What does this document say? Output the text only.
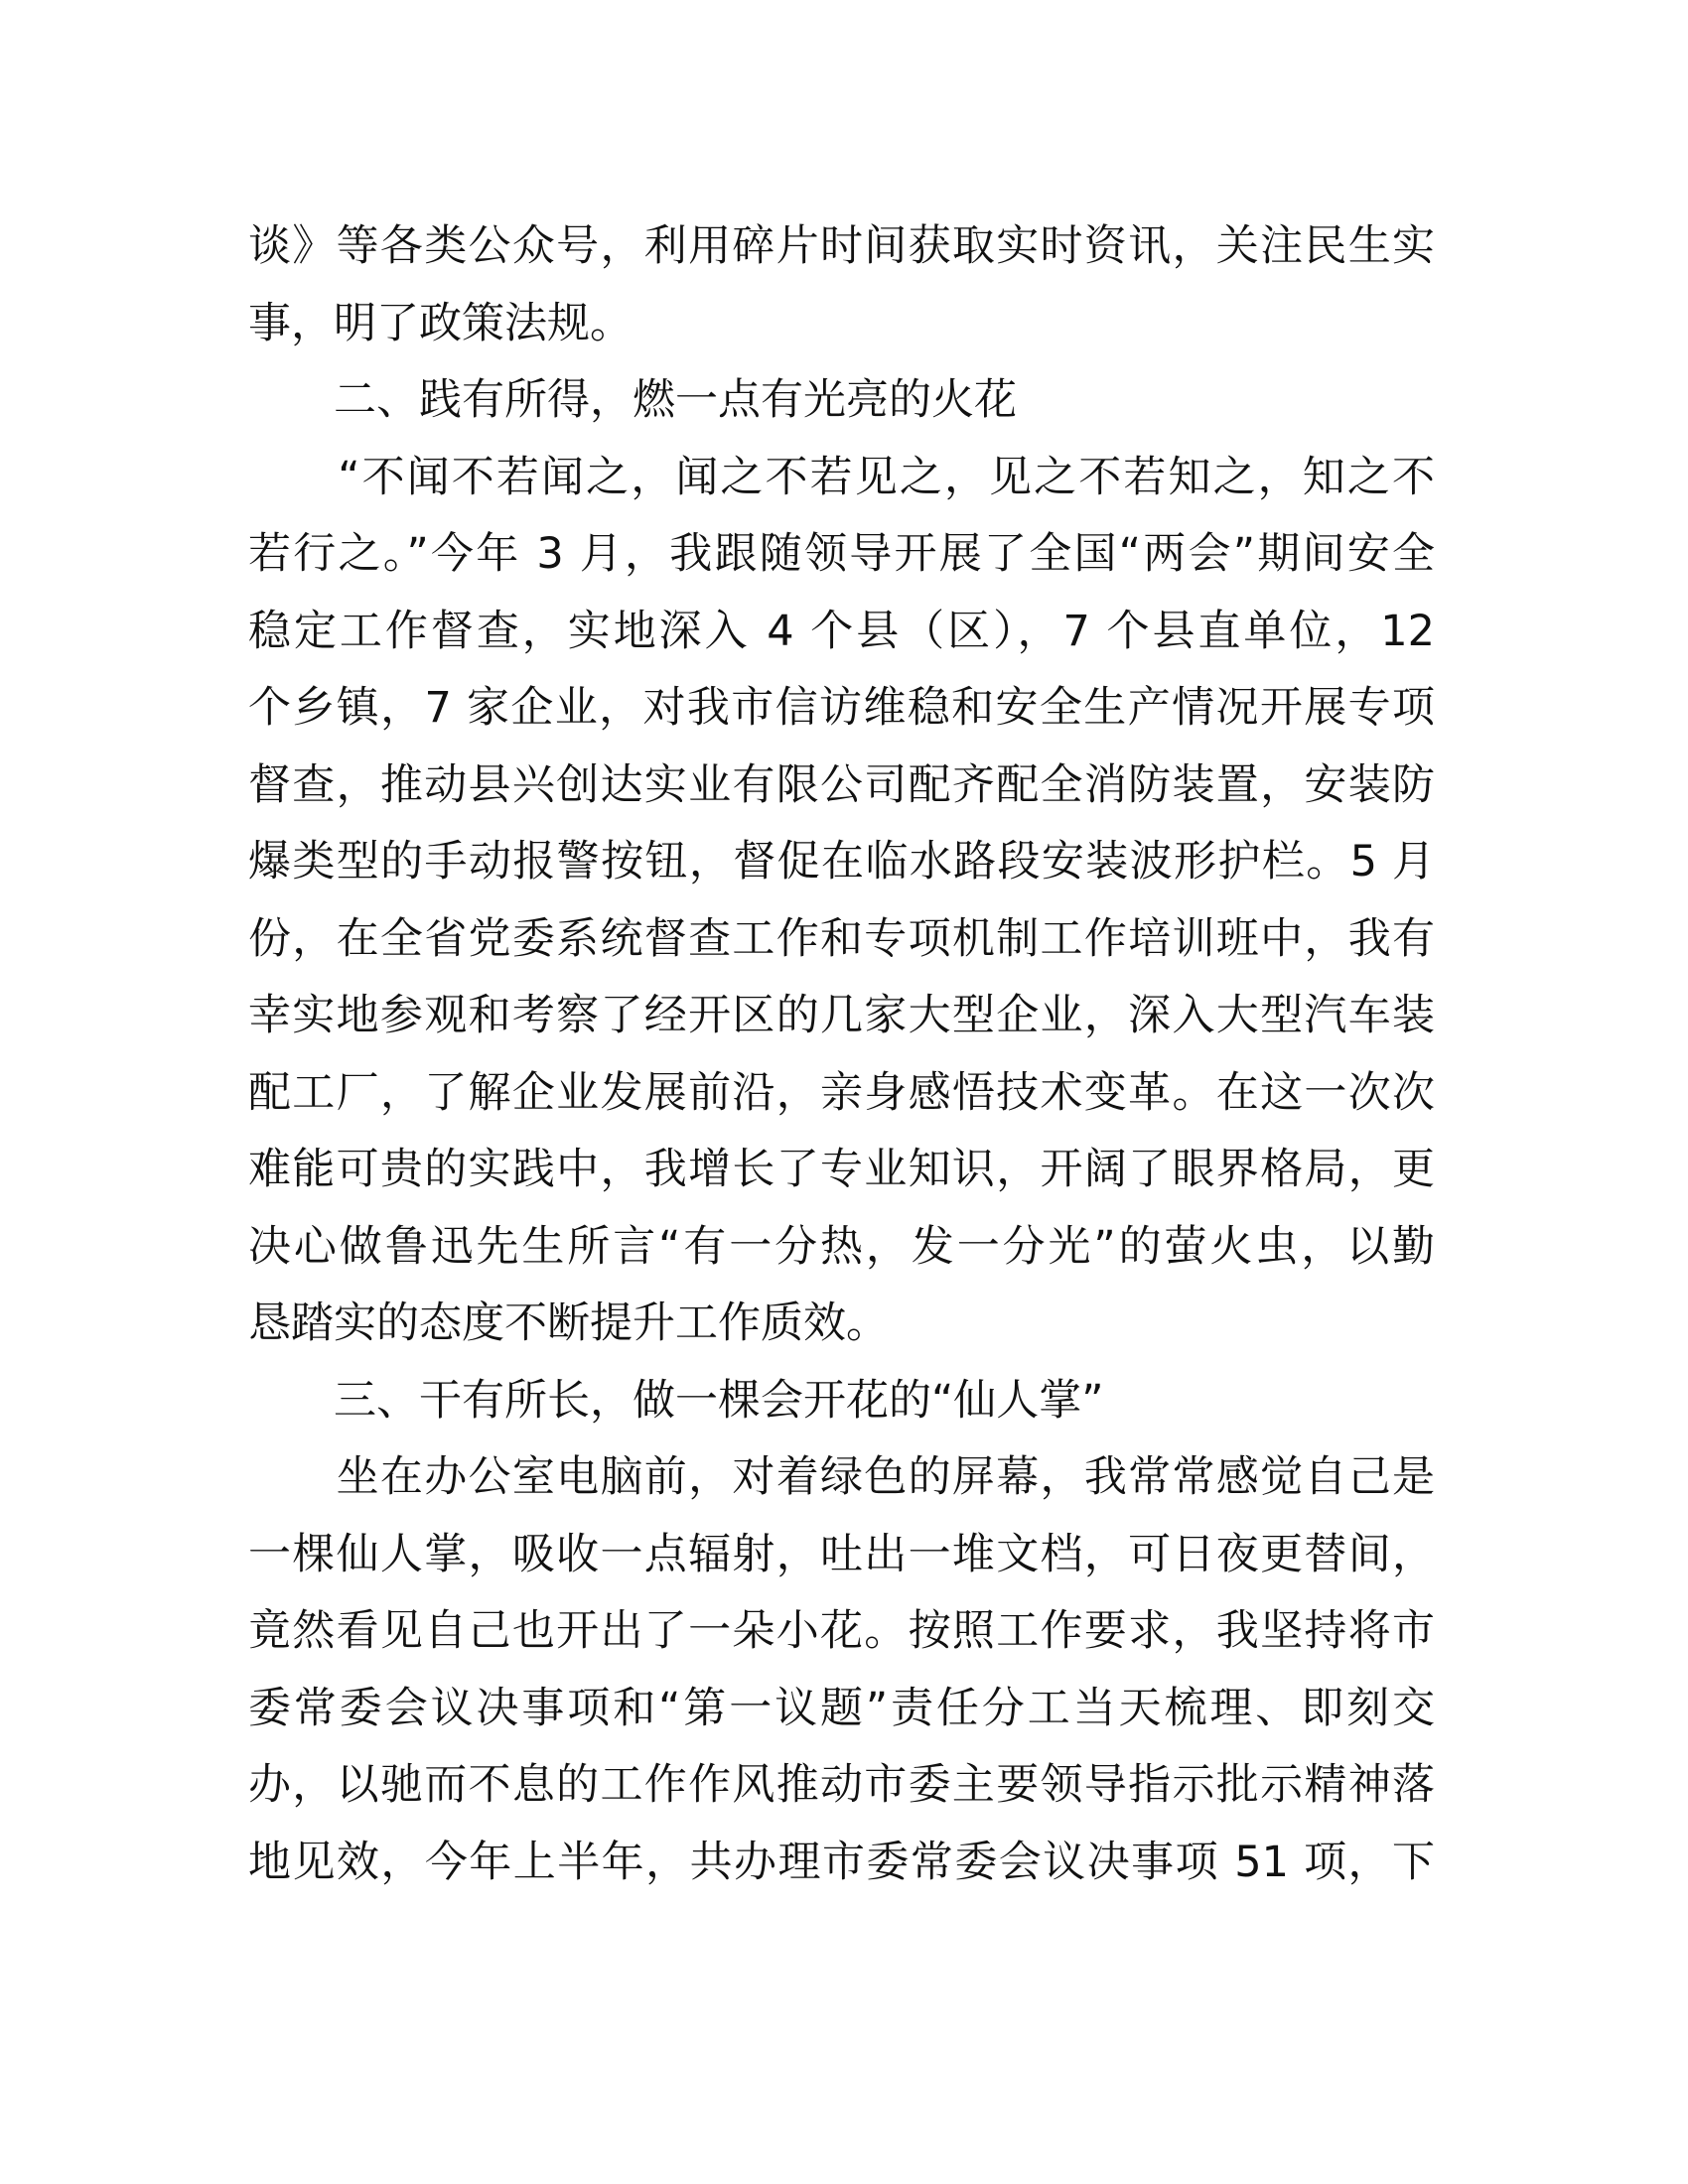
谈》等各类公众号，利用碎片时间获取实时资讯，关注民生实
事，明了政策法规。

二、践有所得，燃一点有光亮的火花

　　“不闻不若闻之，闻之不若见之，见之不若知之，知之不
若行之。”今年 3 月，我跟随领导开展了全国“两会”期间安全
稳定工作督查，实地深入 4 个县（区），7 个县直单位，12
个乡镇，7 家企业，对我市信访维稳和安全生产情况开展专项
督查，推动县兴创达实业有限公司配齐配全消防装置，安装防
爆类型的手动报警按钮，督促在临水路段安装波形护栏。5 月
份，在全省党委系统督查工作和专项机制工作培训班中，我有
幸实地参观和考察了经开区的几家大型企业，深入大型汽车装
配工厂，了解企业发展前沿，亲身感悟技术变革。在这一次次
难能可贵的实践中，我增长了专业知识，开阔了眼界格局，更
决心做鲁迅先生所言“有一分热，发一分光”的萤火虫，以勤
恳踏实的态度不断提升工作质效。

三、干有所长，做一棵会开花的“仙人掌”

　　坐在办公室电脑前，对着绿色的屏幕，我常常感觉自己是
一棵仙人掌，吸收一点辐射，吐出一堆文档，可日夜更替间，
竟然看见自己也开出了一朵小花。按照工作要求，我坚持将市
委常委会议决事项和“第一议题”责任分工当天梳理、即刻交
办，以驰而不息的工作作风推动市委主要领导指示批示精神落
地见效，今年上半年，共办理市委常委会议决事项 51 项，下
